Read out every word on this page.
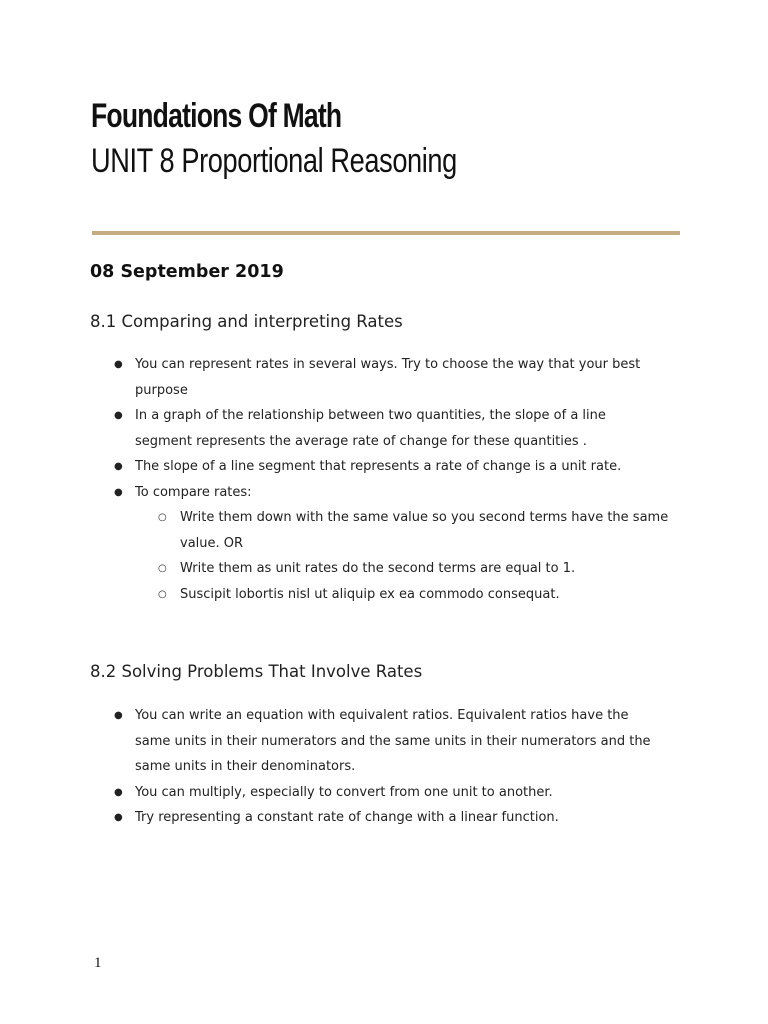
Foundations Of Math
UNIT 8 Proportional Reasoning
08 September 2019
8.1 Comparing and interpreting Rates
● You can represent rates in several ways. Try to choose the way that your best purpose
● In a graph of the relationship between two quantities, the slope of a line segment represents the average rate of change for these quantities .
● The slope of a line segment that represents a rate of change is a unit rate.
● To compare rates:
○ Write them down with the same value so you second terms have the same value. OR
○ Write them as unit rates do the second terms are equal to 1.
○ Suscipit lobortis nisl ut aliquip ex ea commodo consequat.
8.2 Solving Problems That Involve Rates
● You can write an equation with equivalent ratios. Equivalent ratios have the same units in their numerators and the same units in their numerators and the same units in their denominators.
● You can multiply, especially to convert from one unit to another.
● Try representing a constant rate of change with a linear function.
1
